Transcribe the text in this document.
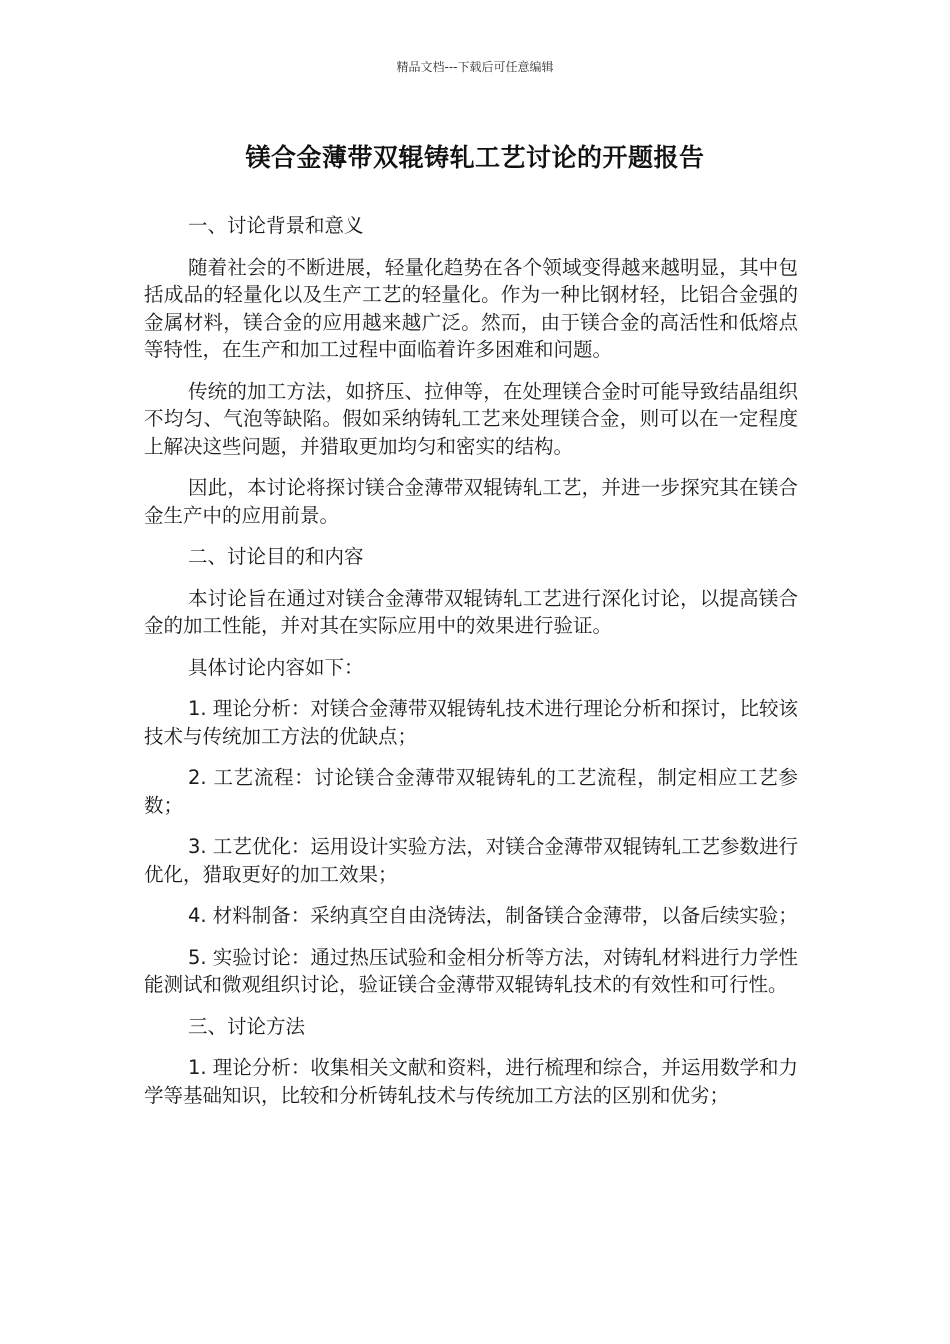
精品文档---下载后可任意编辑
镁合金薄带双辊铸轧工艺讨论的开题报告

一、讨论背景和意义

随着社会的不断进展，轻量化趋势在各个领域变得越来越明显，其中包括成品的轻量化以及生产工艺的轻量化。作为一种比钢材轻，比铝合金强的金属材料，镁合金的应用越来越广泛。然而，由于镁合金的高活性和低熔点等特性，在生产和加工过程中面临着许多困难和问题。

传统的加工方法，如挤压、拉伸等，在处理镁合金时可能导致结晶组织不均匀、气泡等缺陷。假如采纳铸轧工艺来处理镁合金，则可以在一定程度上解决这些问题，并猎取更加均匀和密实的结构。

因此，本讨论将探讨镁合金薄带双辊铸轧工艺，并进一步探究其在镁合金生产中的应用前景。

二、讨论目的和内容

本讨论旨在通过对镁合金薄带双辊铸轧工艺进行深化讨论，以提高镁合金的加工性能，并对其在实际应用中的效果进行验证。

具体讨论内容如下：

1. 理论分析：对镁合金薄带双辊铸轧技术进行理论分析和探讨，比较该技术与传统加工方法的优缺点；

2. 工艺流程：讨论镁合金薄带双辊铸轧的工艺流程，制定相应工艺参数；

3. 工艺优化：运用设计实验方法，对镁合金薄带双辊铸轧工艺参数进行优化，猎取更好的加工效果；

4. 材料制备：采纳真空自由浇铸法，制备镁合金薄带，以备后续实验；

5. 实验讨论：通过热压试验和金相分析等方法，对铸轧材料进行力学性能测试和微观组织讨论，验证镁合金薄带双辊铸轧技术的有效性和可行性。

三、讨论方法

1. 理论分析：收集相关文献和资料，进行梳理和综合，并运用数学和力学等基础知识，比较和分析铸轧技术与传统加工方法的区别和优劣；
